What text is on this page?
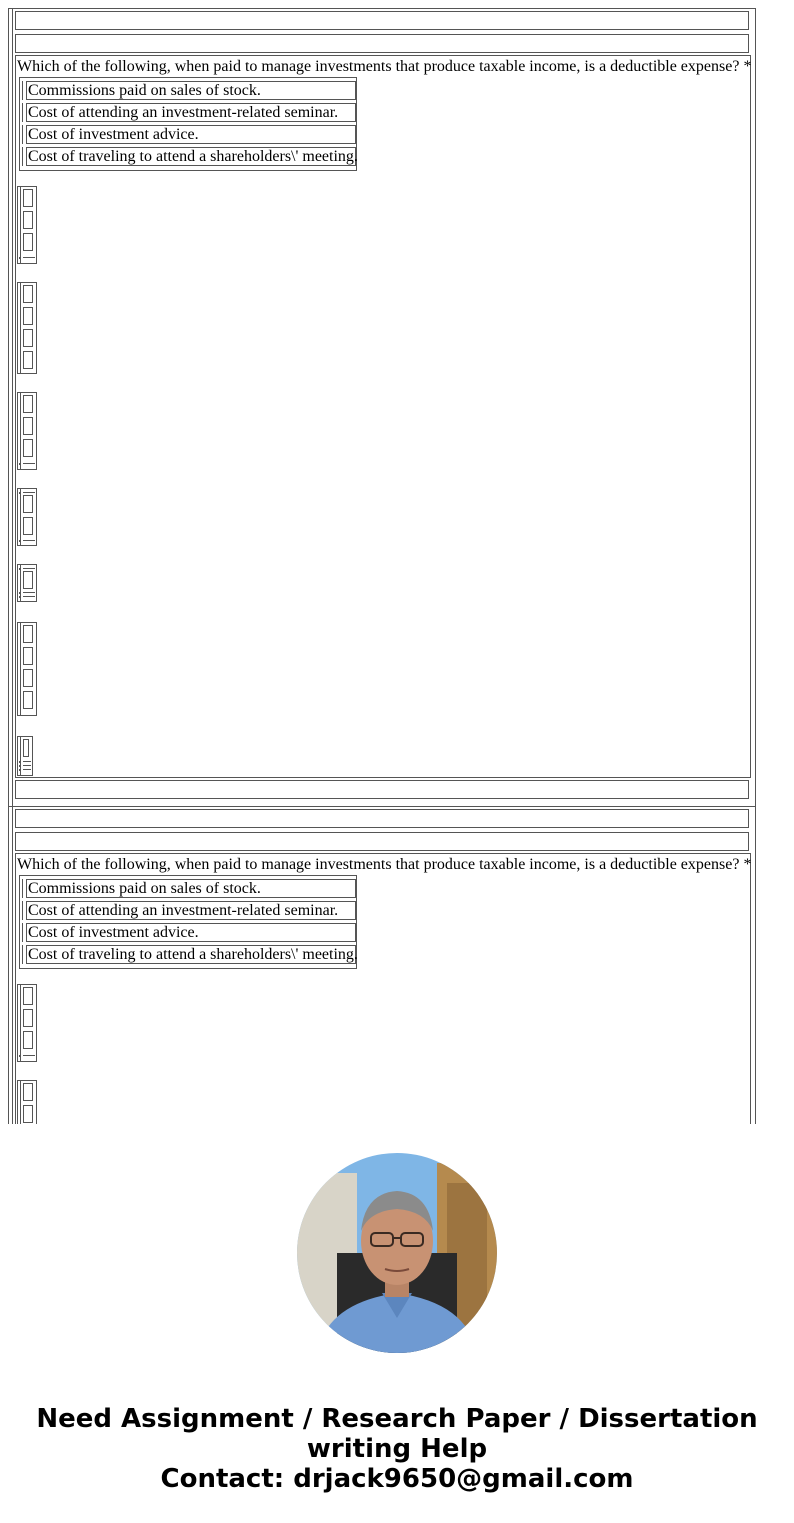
Which of the following, when paid to manage investments that produce taxable income, is a deductible expense? *
Commissions paid on sales of stock.
Cost of attending an investment-related seminar.
Cost of investment advice.
Cost of traveling to attend a shareholders\' meeting.
Which of the following, when paid to manage investments that produce taxable income, is a deductible expense? *
Commissions paid on sales of stock.
Cost of attending an investment-related seminar.
Cost of investment advice.
Cost of traveling to attend a shareholders\' meeting.
Need Assignment / Research Paper / Dissertation
writing Help
Contact: drjack9650@gmail.com
